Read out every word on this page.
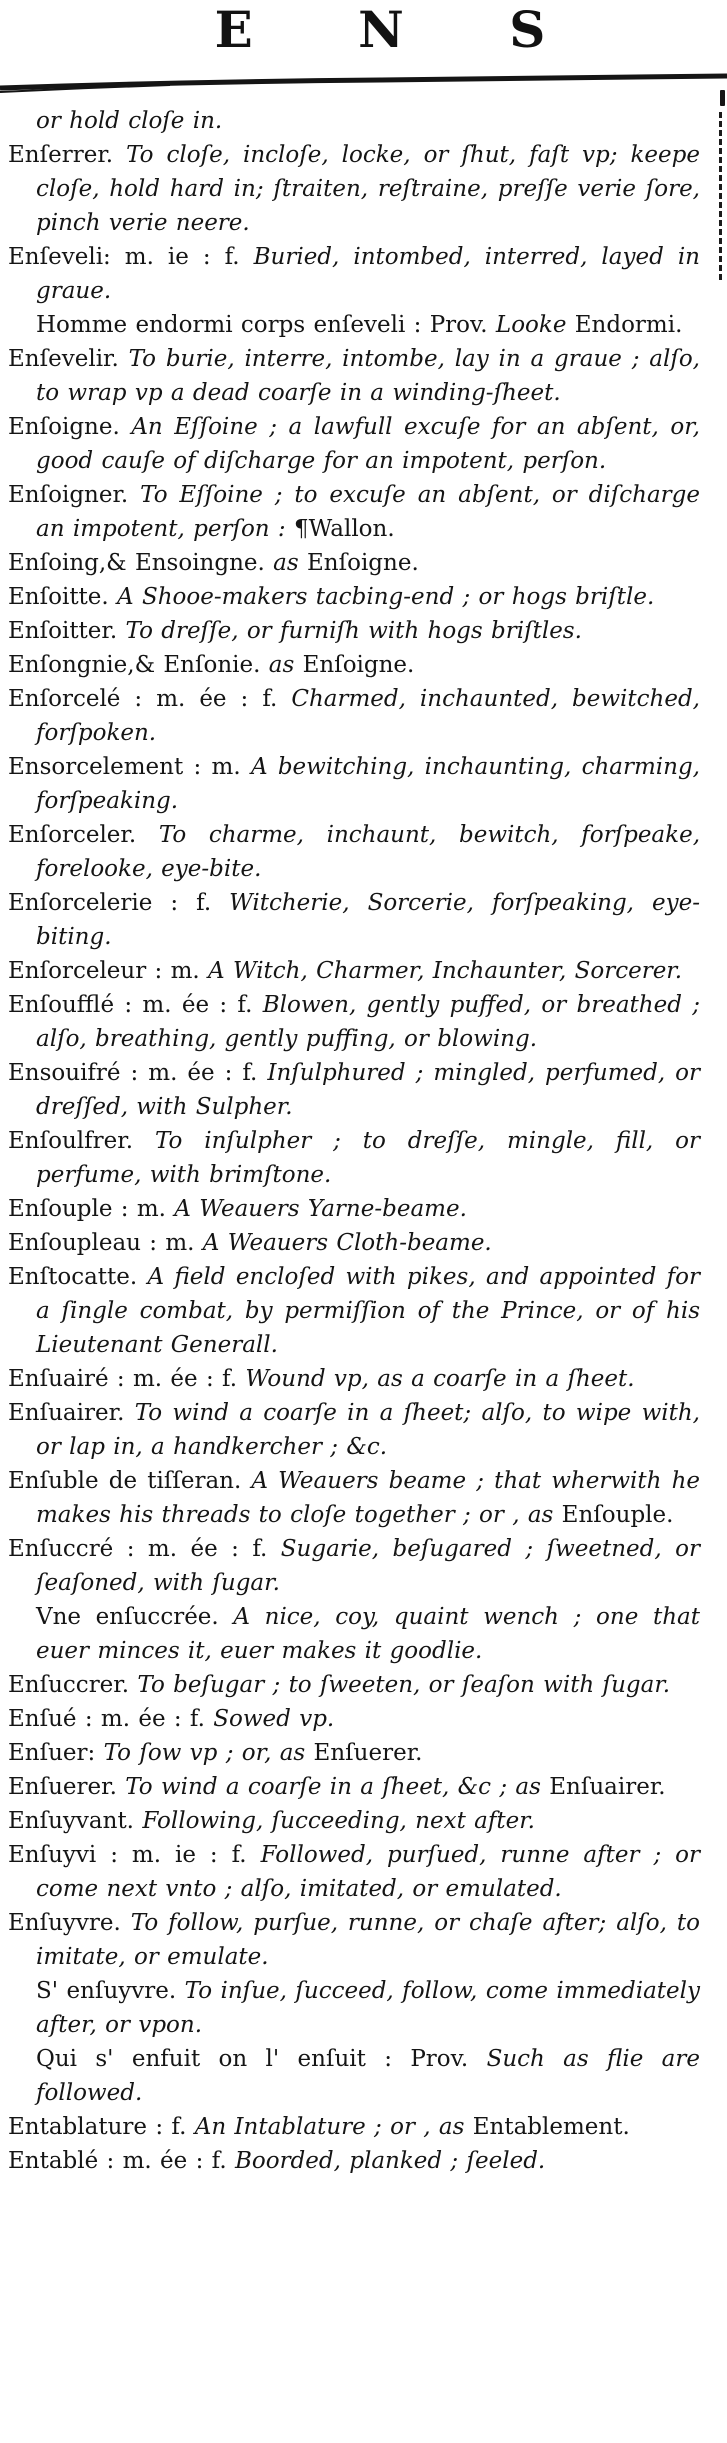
E N S

or hold cloſe in.

Enſerrer. To cloſe, incloſe, locke, or ſhut, faſt vp; keepe cloſe, hold hard in; ſtraiten, reſtraine, preſſe verie ſore, pinch verie neere.

Enſeveli: m. ie : f. Buried, intombed, interred, layed in graue.

Homme endormi corps enſeveli : Prov. Looke Endormi.

Enſevelir. To burie, interre, intombe, lay in a graue ; alſo, to wrap vp a dead coarſe in a winding-ſheet.

Enſoigne. An Eſſoine ; a lawfull excuſe for an abſent, or, good cauſe of diſcharge for an impotent, perſon.

Enſoigner. To Eſſoine ; to excuſe an abſent, or diſcharge an impotent, perſon : ¶Wallon.

Enſoing,& Ensoingne. as Enſoigne.

Enſoitte. A Shooe-makers tacbing-end ; or hogs briſtle.

Enſoitter. To dreſſe, or furniſh with hogs briſtles.

Enſongnie,& Enſonie. as Enſoigne.

Enſorcelé : m. ée : f. Charmed, inchaunted, bewitched, forſpoken.

Ensorcelement : m. A bewitching, inchaunting, charming, forſpeaking.

Enſorceler. To charme, inchaunt, bewitch, forſpeake, forelooke, eye-bite.

Enſorcelerie : f. Witcherie, Sorcerie, forſpeaking, eye-biting.

Enſorceleur : m. A Witch, Charmer, Inchaunter, Sorcerer.

Enſoufflé : m. ée : f. Blowen, gently puffed, or breathed ; alſo, breathing, gently puffing, or blowing.

Ensouifré : m. ée : f. Inſulphured ; mingled, perfumed, or dreſſed, with Sulpher.

Enſoulfrer. To inſulpher ; to dreſſe, mingle, fill, or perfume, with brimſtone.

Enſouple : m. A Weauers Yarne-beame.

Enſoupleau : m. A Weauers Cloth-beame.

Enſtocatte. A field encloſed with pikes, and appointed for a ſingle combat, by permiſſion of the Prince, or of his Lieutenant Generall.

Enſuairé : m. ée : f. Wound vp, as a coarſe in a ſheet.

Enſuairer. To wind a coarſe in a ſheet; alſo, to wipe with, or lap in, a handkercher ; &c.

Enſuble de tiſſeran. A Weauers beame ; that wherwith he makes his threads to cloſe together ; or , as Enſouple.

Enſuccré : m. ée : f. Sugarie, beſugared ; ſweetned, or ſeaſoned, with ſugar.

Vne enſuccrée. A nice, coy, quaint wench ; one that euer minces it, euer makes it goodlie.

Enſuccrer. To beſugar ; to ſweeten, or ſeaſon with ſugar.

Enſué : m. ée : f. Sowed vp.

Enſuer: To ſow vp ; or, as Enſuerer.

Enſuerer. To wind a coarſe in a ſheet, &c ; as Enſuairer.

Enſuyvant. Following, ſucceeding, next after.

Enſuyvi : m. ie : f. Followed, purſued, runne after ; or come next vnto ; alſo, imitated, or emulated.

Enſuyvre. To follow, purſue, runne, or chaſe after; alſo, to imitate, or emulate.

S' enſuyvre. To inſue, ſucceed, follow, come immediately after, or vpon.

Qui s' enfuit on l' enſuit : Prov. Such as flie are followed.

Entablature : f. An Intablature ; or , as Entablement.

Entablé : m. ée : f. Boorded, planked ; ſeeled.
